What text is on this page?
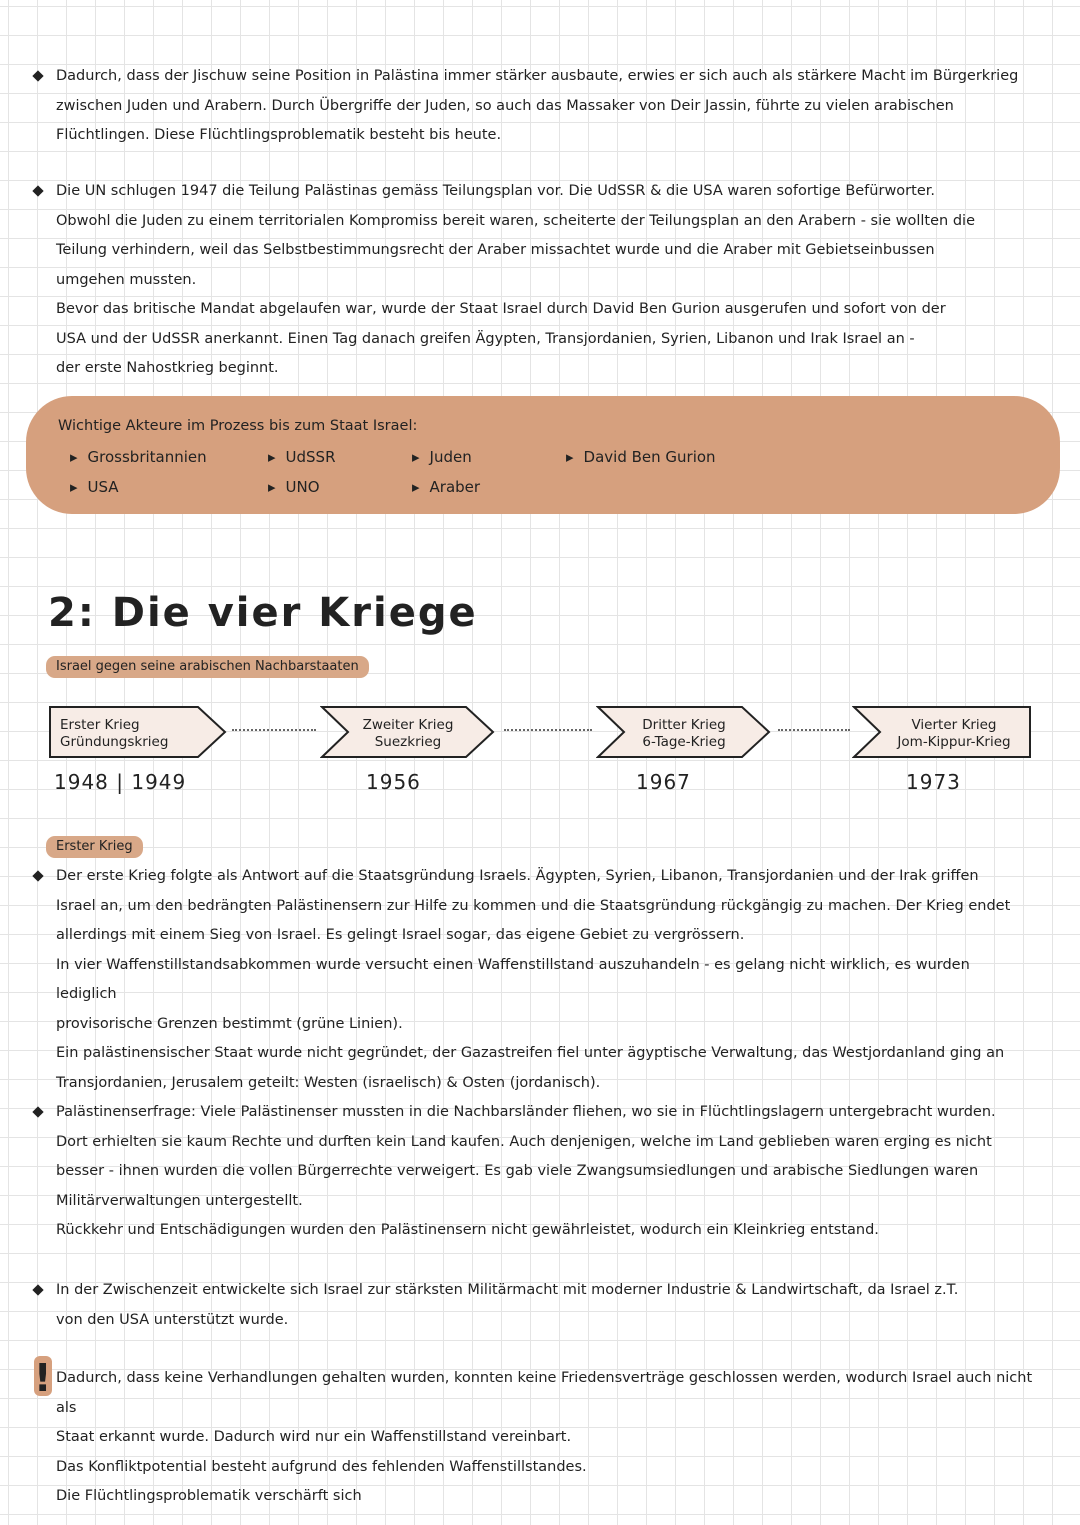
Dadurch, dass der Jischuw seine Position in Palästina immer stärker ausbaute, erwies er sich auch als stärkere Macht im Bürgerkrieg

zwischen Juden und Arabern. Durch Übergriffe der Juden, so auch das Massaker von Deir Jassin, führte zu vielen arabischen

Flüchtlingen. Diese Flüchtlingsproblematik besteht bis heute.

Die UN schlugen 1947 die Teilung Palästinas gemäss Teilungsplan vor. Die UdSSR & die USA waren sofortige Befürworter.

Obwohl die Juden zu einem territorialen Kompromiss bereit waren, scheiterte der Teilungsplan an den Arabern - sie wollten die

Teilung verhindern, weil das Selbstbestimmungsrecht der Araber missachtet wurde und die Araber mit Gebietseinbussen

umgehen mussten.

Bevor das britische Mandat abgelaufen war, wurde der Staat Israel durch David Ben Gurion ausgerufen und sofort von der

USA und der UdSSR anerkannt. Einen Tag danach greifen Ägypten, Transjordanien, Syrien, Libanon und Irak Israel an -

der erste Nahostkrieg beginnt.

Wichtige Akteure im Prozess bis zum Staat Israel:
▸ Grossbritannien
▸ USA
▸ UdSSR
▸ UNO
▸ Juden
▸ Araber
▸ David Ben Gurion
2: Die vier Kriege
Israel gegen seine arabischen Nachbarstaaten
Erster Krieg
Gründungskrieg
Zweiter Krieg
Suezkrieg
Dritter Krieg
6-Tage-Krieg
Vierter Krieg
Jom-Kippur-Krieg
1948 | 1949	1956	1967	1973
Erster Krieg

Der erste Krieg folgte als Antwort auf die Staatsgründung Israels. Ägypten, Syrien, Libanon, Transjordanien und der Irak griffen

Israel an, um den bedrängten Palästinensern zur Hilfe zu kommen und die Staatsgründung rückgängig zu machen. Der Krieg endet

allerdings mit einem Sieg von Israel. Es gelingt Israel sogar, das eigene Gebiet zu vergrössern.

In vier Waffenstillstandsabkommen wurde versucht einen Waffenstillstand auszuhandeln - es gelang nicht wirklich, es wurden lediglich

provisorische Grenzen bestimmt (grüne Linien).

Ein palästinensischer Staat wurde nicht gegründet, der Gazastreifen fiel unter ägyptische Verwaltung, das Westjordanland ging an

Transjordanien, Jerusalem geteilt: Westen (israelisch) & Osten (jordanisch).

Palästinenserfrage: Viele Palästinenser mussten in die Nachbarsländer fliehen, wo sie in Flüchtlingslagern untergebracht wurden.

Dort erhielten sie kaum Rechte und durften kein Land kaufen. Auch denjenigen, welche im Land geblieben waren erging es nicht

besser - ihnen wurden die vollen Bürgerrechte verweigert. Es gab viele Zwangsumsiedlungen und arabische Siedlungen waren

Militärverwaltungen untergestellt.

Rückkehr und Entschädigungen wurden den Palästinensern nicht gewährleistet, wodurch ein Kleinkrieg entstand.

In der Zwischenzeit entwickelte sich Israel zur stärksten Militärmacht mit moderner Industrie & Landwirtschaft, da Israel z.T.

von den USA unterstützt wurde.

! Dadurch, dass keine Verhandlungen gehalten wurden, konnten keine Friedensverträge geschlossen werden, wodurch Israel auch nicht als

Staat erkannt wurde. Dadurch wird nur ein Waffenstillstand vereinbart.

Das Konfliktpotential besteht aufgrund des fehlenden Waffenstillstandes.

Die Flüchtlingsproblematik verschärft sich
